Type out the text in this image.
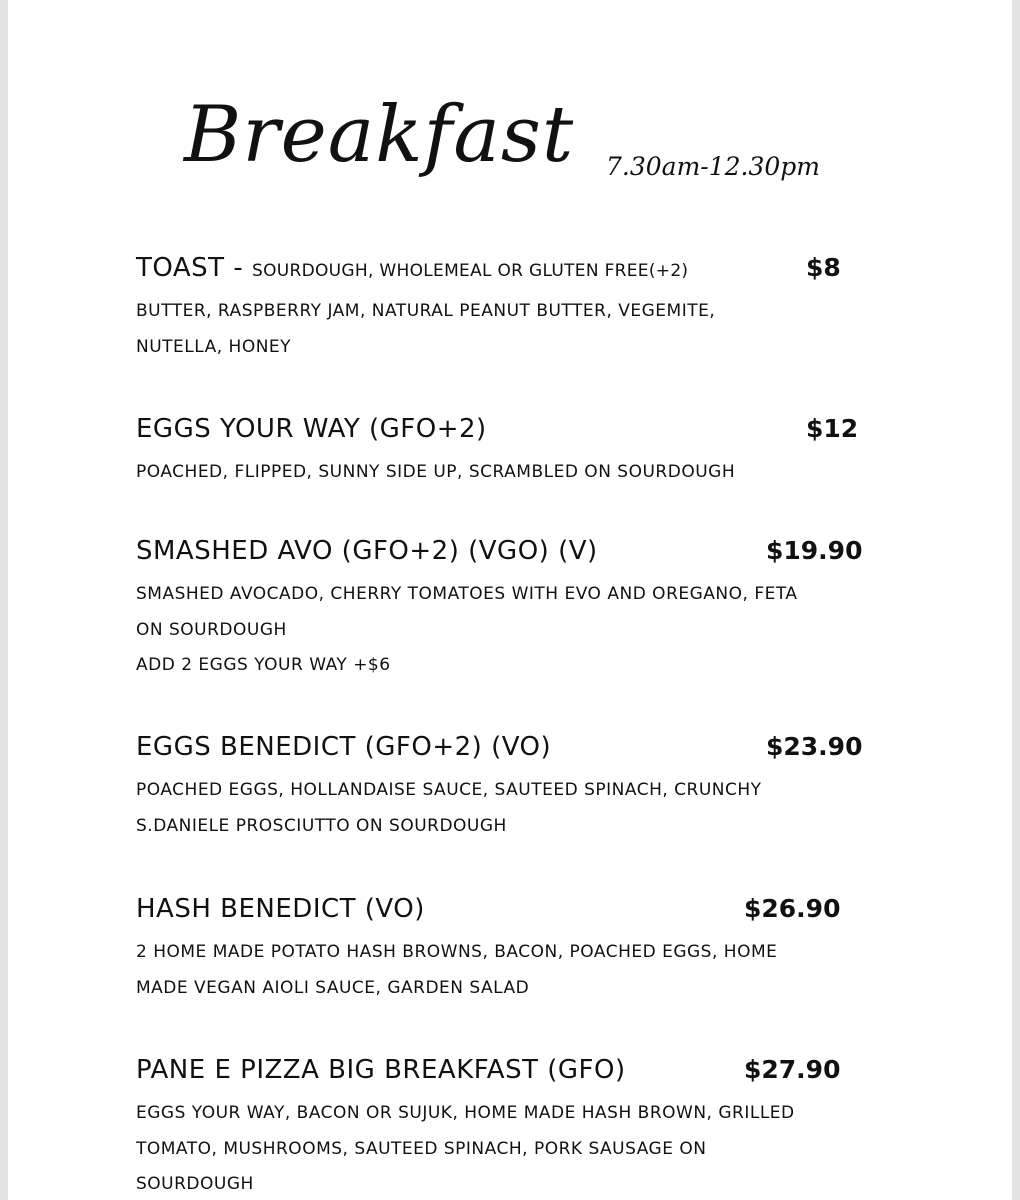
Breakfast 7.30am-12.30pm
TOAST - SOURDOUGH, WHOLEMEAL OR GLUTEN FREE(+2)	$8
BUTTER, RASPBERRY JAM, NATURAL PEANUT BUTTER, VEGEMITE,
NUTELLA, HONEY
EGGS YOUR WAY (GFO+2)	$12
POACHED, FLIPPED, SUNNY SIDE UP, SCRAMBLED ON SOURDOUGH
SMASHED AVO (GFO+2) (VGO) (V)	$19.90
SMASHED AVOCADO, CHERRY TOMATOES WITH EVO AND OREGANO, FETA
ON SOURDOUGH
ADD 2 EGGS YOUR WAY +$6
EGGS BENEDICT (GFO+2) (VO)	$23.90
POACHED EGGS, HOLLANDAISE SAUCE, SAUTEED SPINACH, CRUNCHY
S.DANIELE PROSCIUTTO ON SOURDOUGH
HASH BENEDICT (VO)	$26.90
2 HOME MADE POTATO HASH BROWNS, BACON, POACHED EGGS, HOME
MADE VEGAN AIOLI SAUCE, GARDEN SALAD
PANE E PIZZA BIG BREAKFAST (GFO)	$27.90
EGGS YOUR WAY, BACON OR SUJUK, HOME MADE HASH BROWN, GRILLED
TOMATO, MUSHROOMS, SAUTEED SPINACH, PORK SAUSAGE ON
SOURDOUGH
